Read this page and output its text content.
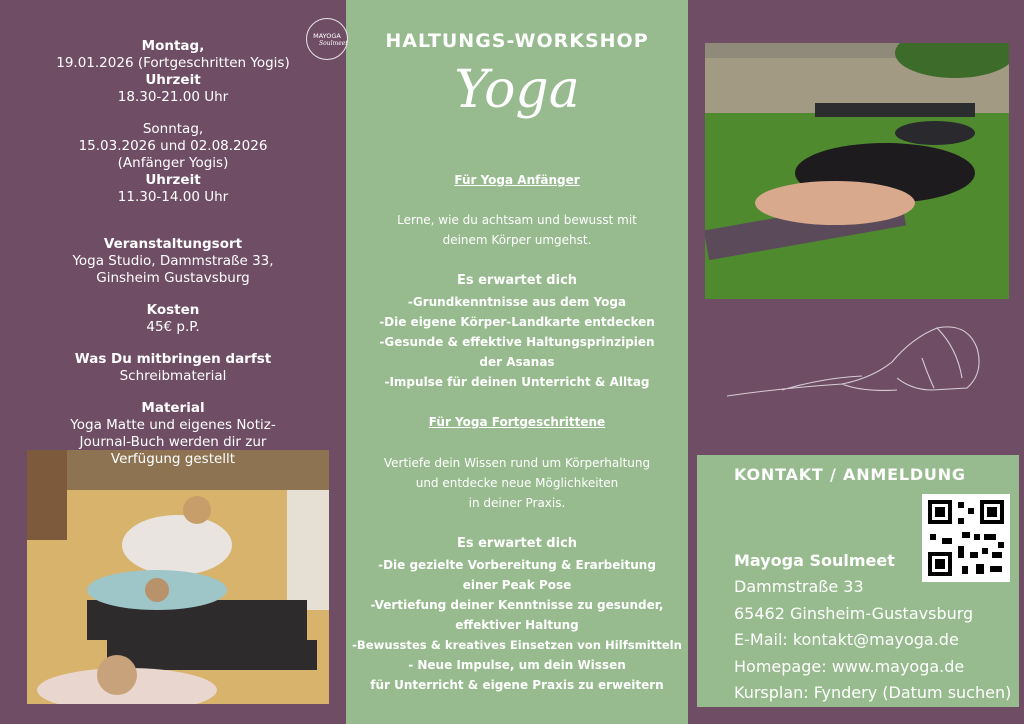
MAYOGA
Soulmeet
Montag,
19.01.2026 (Fortgeschritten Yogis)
Uhrzeit
18.30-21.00 Uhr
Sonntag,
15.03.2026 und 02.08.2026
(Anfänger Yogis)
Uhrzeit
11.30-14.00 Uhr
Veranstaltungsort
Yoga Studio, Dammstraße 33,
Ginsheim Gustavsburg
Kosten
45€ p.P.
Was Du mitbringen darfst
Schreibmaterial
Material
Yoga Matte und eigenes Notiz-
Journal-Buch werden dir zur
Verfügung gestellt
HALTUNGS-WORKSHOP
Yoga
Für Yoga Anfänger
Lerne, wie du achtsam und bewusst mit
deinem Körper umgehst.
Es erwartet dich
-Grundkenntnisse aus dem Yoga
-Die eigene Körper-Landkarte entdecken
-Gesunde & effektive Haltungsprinzipien
der Asanas
-Impulse für deinen Unterricht & Alltag
Für Yoga Fortgeschrittene
Vertiefe dein Wissen rund um Körperhaltung
und entdecke neue Möglichkeiten
in deiner Praxis.
Es erwartet dich
-Die gezielte Vorbereitung & Erarbeitung
einer Peak Pose
-Vertiefung deiner Kenntnisse zu gesunder,
effektiver Haltung
-Bewusstes & kreatives Einsetzen von Hilfsmitteln
- Neue Impulse, um dein Wissen
für Unterricht & eigene Praxis zu erweitern
KONTAKT / ANMELDUNG
Mayoga Soulmeet
Dammstraße 33
65462 Ginsheim-Gustavsburg
E-Mail: kontakt@mayoga.de
Homepage: www.mayoga.de
Kursplan: Fyndery (Datum suchen)
